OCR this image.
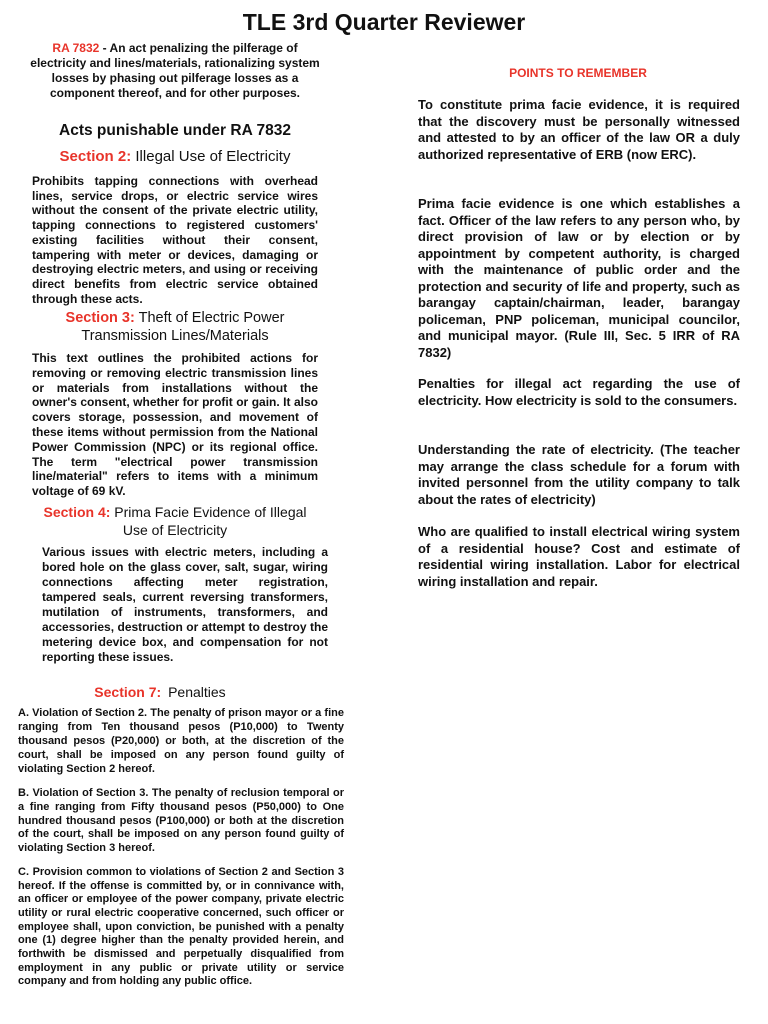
TLE 3rd Quarter Reviewer

RA 7832 - An act penalizing the pilferage of electricity and lines/materials, rationalizing system losses by phasing out pilferage losses as a component thereof, and for other purposes.

Acts punishable under RA 7832
Section 2: Illegal Use of Electricity

Prohibits tapping connections with overhead lines, service drops, or electric service wires without the consent of the private electric utility, tapping connections to registered customers' existing facilities without their consent, tampering with meter or devices, damaging or destroying electric meters, and using or receiving direct benefits from electric service obtained through these acts.

Section 3: Theft of Electric Power Transmission Lines/Materials

This text outlines the prohibited actions for removing or removing electric transmission lines or materials from installations without the owner's consent, whether for profit or gain. It also covers storage, possession, and movement of these items without permission from the National Power Commission (NPC) or its regional office. The term "electrical power transmission line/material" refers to items with a minimum voltage of 69 kV.

Section 4: Prima Facie Evidence of Illegal Use of Electricity

Various issues with electric meters, including a bored hole on the glass cover, salt, sugar, wiring connections affecting meter registration, tampered seals, current reversing transformers, mutilation of instruments, transformers, and accessories, destruction or attempt to destroy the metering device box, and compensation for not reporting these issues.

Section 7: Penalties

A. Violation of Section 2. The penalty of prison mayor or a fine ranging from Ten thousand pesos (P10,000) to Twenty thousand pesos (P20,000) or both, at the discretion of the court, shall be imposed on any person found guilty of violating Section 2 hereof.

B. Violation of Section 3. The penalty of reclusion temporal or a fine ranging from Fifty thousand pesos (P50,000) to One hundred thousand pesos (P100,000) or both at the discretion of the court, shall be imposed on any person found guilty of violating Section 3 hereof.

C. Provision common to violations of Section 2 and Section 3 hereof. If the offense is committed by, or in connivance with, an officer or employee of the power company, private electric utility or rural electric cooperative concerned, such officer or employee shall, upon conviction, be punished with a penalty one (1) degree higher than the penalty provided herein, and forthwith be dismissed and perpetually disqualified from employment in any public or private utility or service company and from holding any public office.

POINTS TO REMEMBER

To constitute prima facie evidence, it is required that the discovery must be personally witnessed and attested to by an officer of the law OR a duly authorized representative of ERB (now ERC).

Prima facie evidence is one which establishes a fact. Officer of the law refers to any person who, by direct provision of law or by election or by appointment by competent authority, is charged with the maintenance of public order and the protection and security of life and property, such as barangay captain/chairman, leader, barangay policeman, PNP policeman, municipal councilor, and municipal mayor. (Rule III, Sec. 5 IRR of RA 7832)

Penalties for illegal act regarding the use of electricity. How electricity is sold to the consumers.

Understanding the rate of electricity. (The teacher may arrange the class schedule for a forum with invited personnel from the utility company to talk about the rates of electricity)

Who are qualified to install electrical wiring system of a residential house? Cost and estimate of residential wiring installation. Labor for electrical wiring installation and repair.
